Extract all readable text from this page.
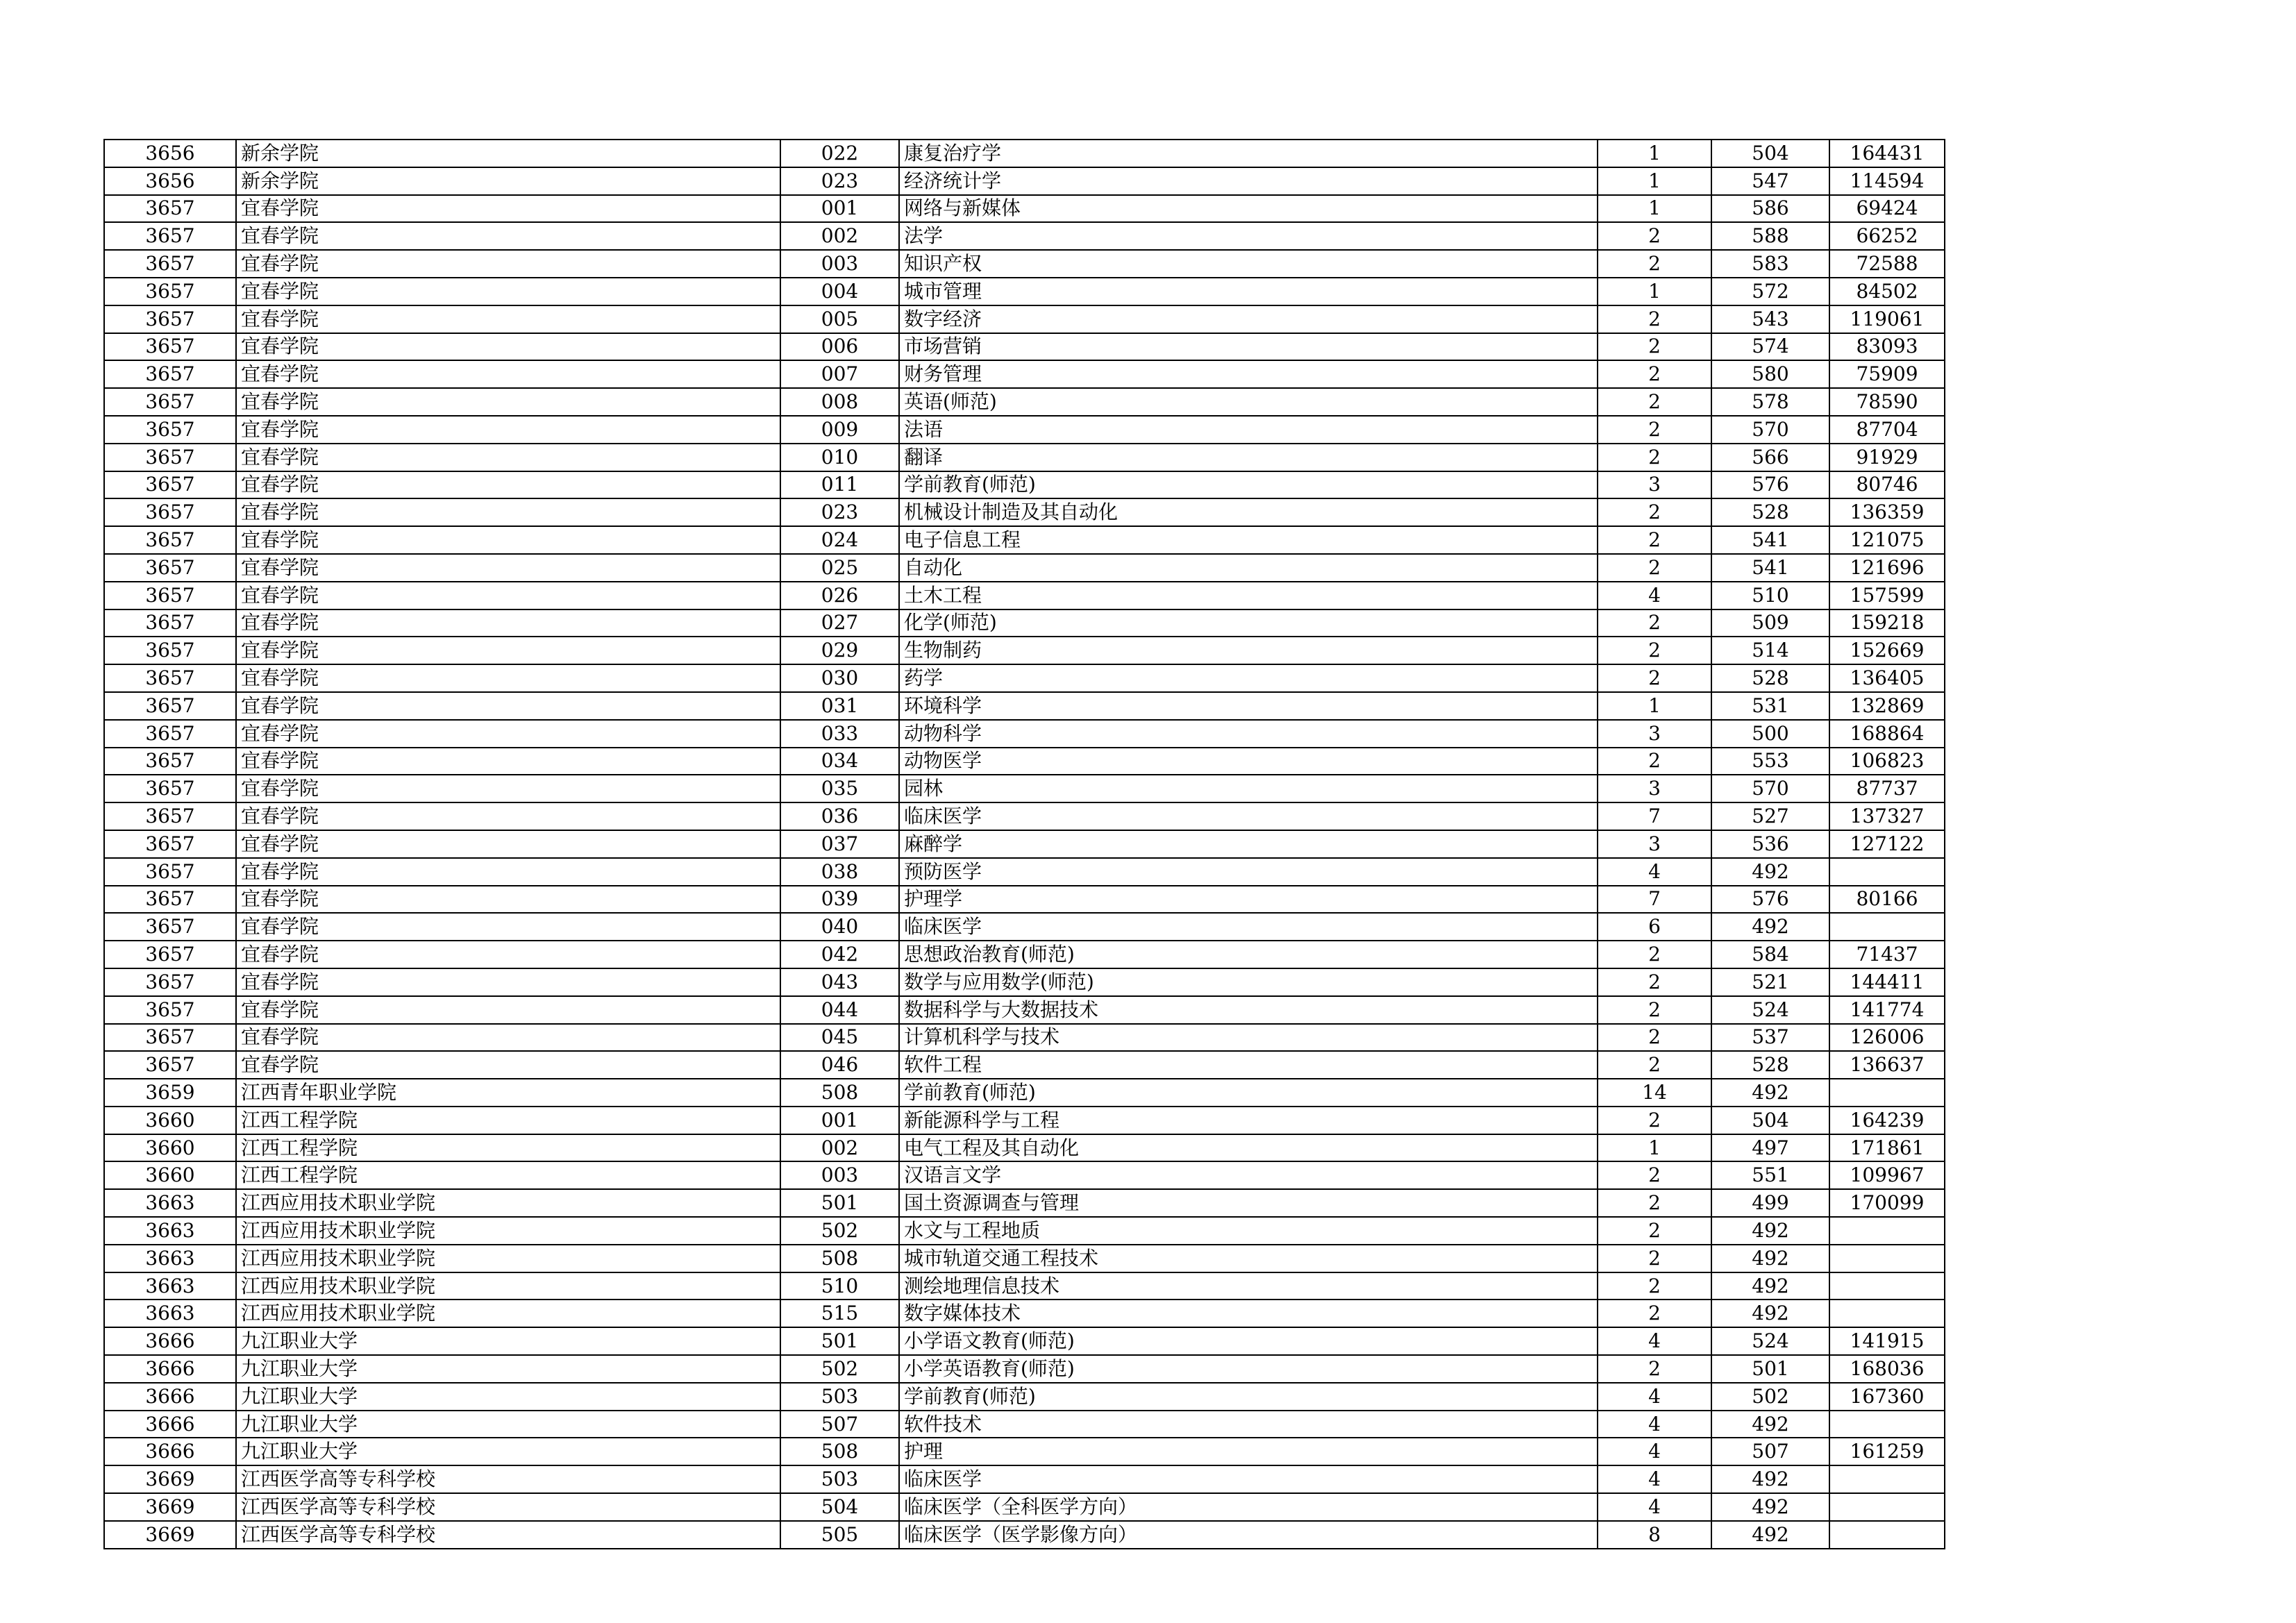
3656	新余学院	022	康复治疗学	1	504	164431
3656	新余学院	023	经济统计学	1	547	114594
3657	宜春学院	001	网络与新媒体	1	586	69424
3657	宜春学院	002	法学	2	588	66252
3657	宜春学院	003	知识产权	2	583	72588
3657	宜春学院	004	城市管理	1	572	84502
3657	宜春学院	005	数字经济	2	543	119061
3657	宜春学院	006	市场营销	2	574	83093
3657	宜春学院	007	财务管理	2	580	75909
3657	宜春学院	008	英语(师范)	2	578	78590
3657	宜春学院	009	法语	2	570	87704
3657	宜春学院	010	翻译	2	566	91929
3657	宜春学院	011	学前教育(师范)	3	576	80746
3657	宜春学院	023	机械设计制造及其自动化	2	528	136359
3657	宜春学院	024	电子信息工程	2	541	121075
3657	宜春学院	025	自动化	2	541	121696
3657	宜春学院	026	土木工程	4	510	157599
3657	宜春学院	027	化学(师范)	2	509	159218
3657	宜春学院	029	生物制药	2	514	152669
3657	宜春学院	030	药学	2	528	136405
3657	宜春学院	031	环境科学	1	531	132869
3657	宜春学院	033	动物科学	3	500	168864
3657	宜春学院	034	动物医学	2	553	106823
3657	宜春学院	035	园林	3	570	87737
3657	宜春学院	036	临床医学	7	527	137327
3657	宜春学院	037	麻醉学	3	536	127122
3657	宜春学院	038	预防医学	4	492	
3657	宜春学院	039	护理学	7	576	80166
3657	宜春学院	040	临床医学	6	492	
3657	宜春学院	042	思想政治教育(师范)	2	584	71437
3657	宜春学院	043	数学与应用数学(师范)	2	521	144411
3657	宜春学院	044	数据科学与大数据技术	2	524	141774
3657	宜春学院	045	计算机科学与技术	2	537	126006
3657	宜春学院	046	软件工程	2	528	136637
3659	江西青年职业学院	508	学前教育(师范)	14	492	
3660	江西工程学院	001	新能源科学与工程	2	504	164239
3660	江西工程学院	002	电气工程及其自动化	1	497	171861
3660	江西工程学院	003	汉语言文学	2	551	109967
3663	江西应用技术职业学院	501	国土资源调查与管理	2	499	170099
3663	江西应用技术职业学院	502	水文与工程地质	2	492	
3663	江西应用技术职业学院	508	城市轨道交通工程技术	2	492	
3663	江西应用技术职业学院	510	测绘地理信息技术	2	492	
3663	江西应用技术职业学院	515	数字媒体技术	2	492	
3666	九江职业大学	501	小学语文教育(师范)	4	524	141915
3666	九江职业大学	502	小学英语教育(师范)	2	501	168036
3666	九江职业大学	503	学前教育(师范)	4	502	167360
3666	九江职业大学	507	软件技术	4	492	
3666	九江职业大学	508	护理	4	507	161259
3669	江西医学高等专科学校	503	临床医学	4	492	
3669	江西医学高等专科学校	504	临床医学（全科医学方向）	4	492	
3669	江西医学高等专科学校	505	临床医学（医学影像方向）	8	492	
